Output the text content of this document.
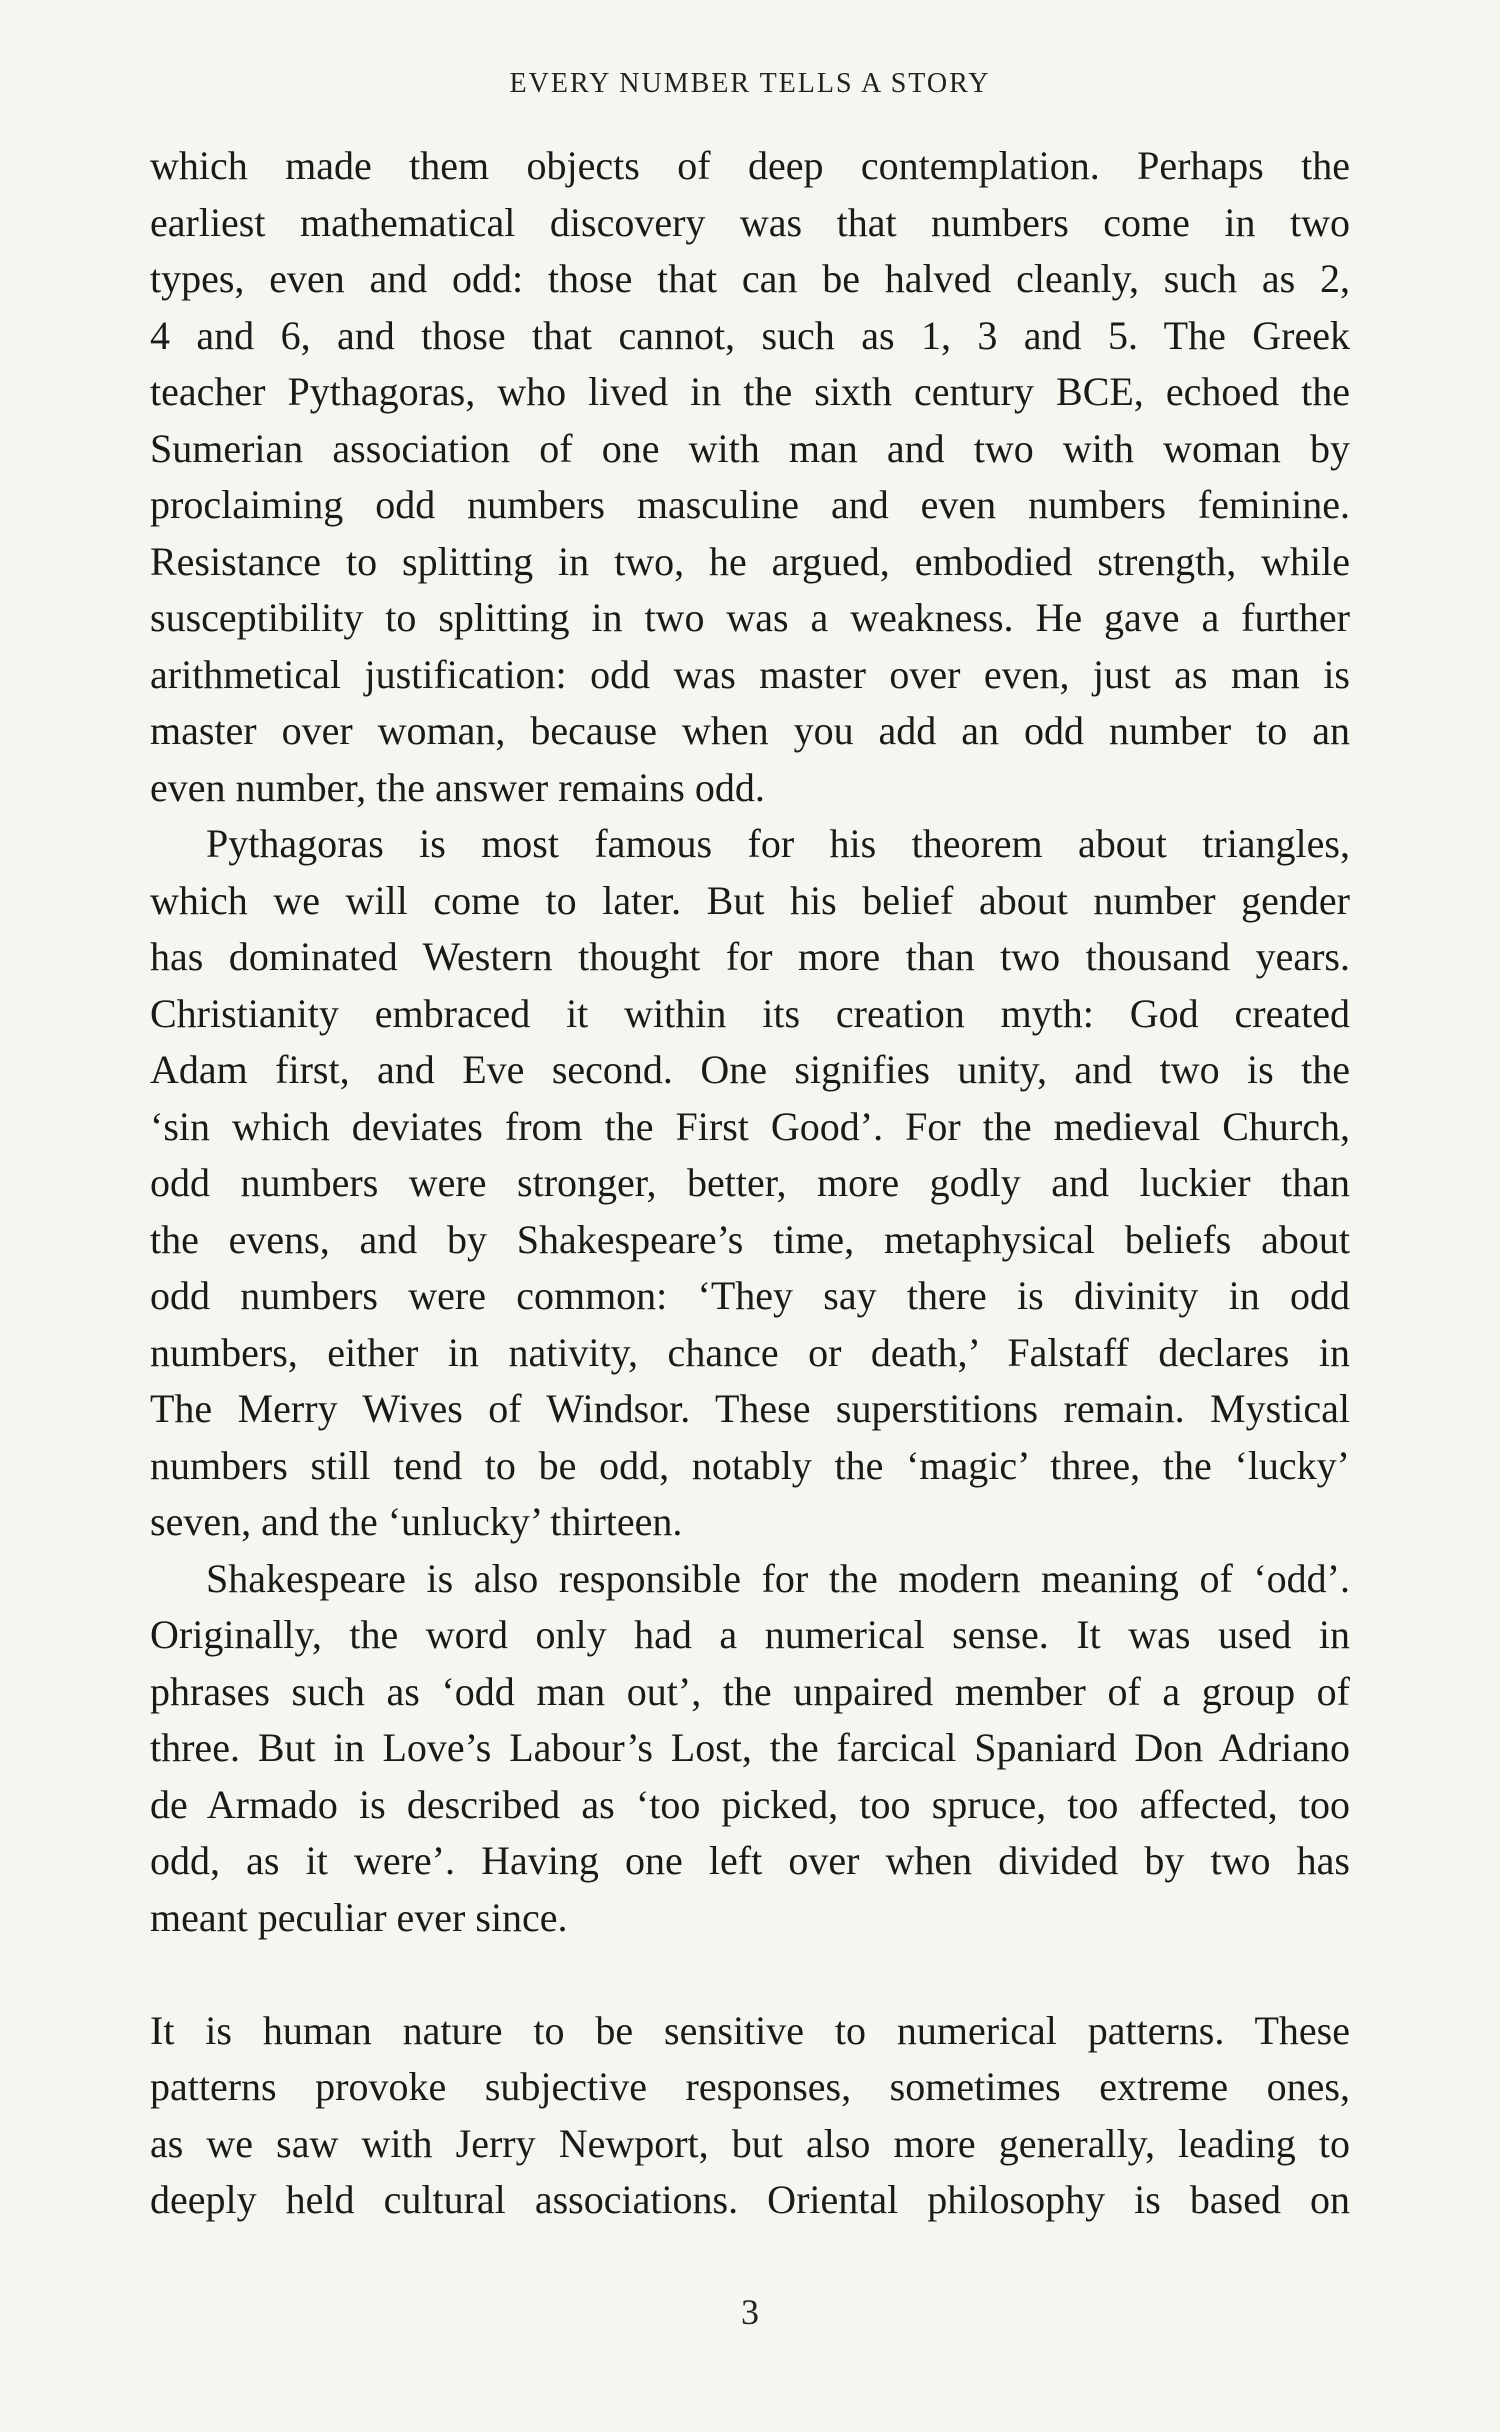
EVERY NUMBER TELLS A STORY
which made them objects of deep contemplation. Perhaps the
earliest mathematical discovery was that numbers come in two
types, even and odd: those that can be halved cleanly, such as 2,
4 and 6, and those that cannot, such as 1, 3 and 5. The Greek
teacher Pythagoras, who lived in the sixth century BCE, echoed the
Sumerian association of one with man and two with woman by
proclaiming odd numbers masculine and even numbers feminine.
Resistance to splitting in two, he argued, embodied strength, while
susceptibility to splitting in two was a weakness. He gave a further
arithmetical justification: odd was master over even, just as man is
master over woman, because when you add an odd number to an
even number, the answer remains odd.
Pythagoras is most famous for his theorem about triangles,
which we will come to later. But his belief about number gender
has dominated Western thought for more than two thousand years.
Christianity embraced it within its creation myth: God created
Adam first, and Eve second. One signifies unity, and two is the
‘sin which deviates from the First Good’. For the medieval Church,
odd numbers were stronger, better, more godly and luckier than
the evens, and by Shakespeare’s time, metaphysical beliefs about
odd numbers were common: ‘They say there is divinity in odd
numbers, either in nativity, chance or death,’ Falstaff declares in
The Merry Wives of Windsor. These superstitions remain. Mystical
numbers still tend to be odd, notably the ‘magic’ three, the ‘lucky’
seven, and the ‘unlucky’ thirteen.
Shakespeare is also responsible for the modern meaning of ‘odd’.
Originally, the word only had a numerical sense. It was used in
phrases such as ‘odd man out’, the unpaired member of a group of
three. But in Love’s Labour’s Lost, the farcical Spaniard Don Adriano
de Armado is described as ‘too picked, too spruce, too affected, too
odd, as it were’. Having one left over when divided by two has
meant peculiar ever since.
It is human nature to be sensitive to numerical patterns. These
patterns provoke subjective responses, sometimes extreme ones,
as we saw with Jerry Newport, but also more generally, leading to
deeply held cultural associations. Oriental philosophy is based on
3
